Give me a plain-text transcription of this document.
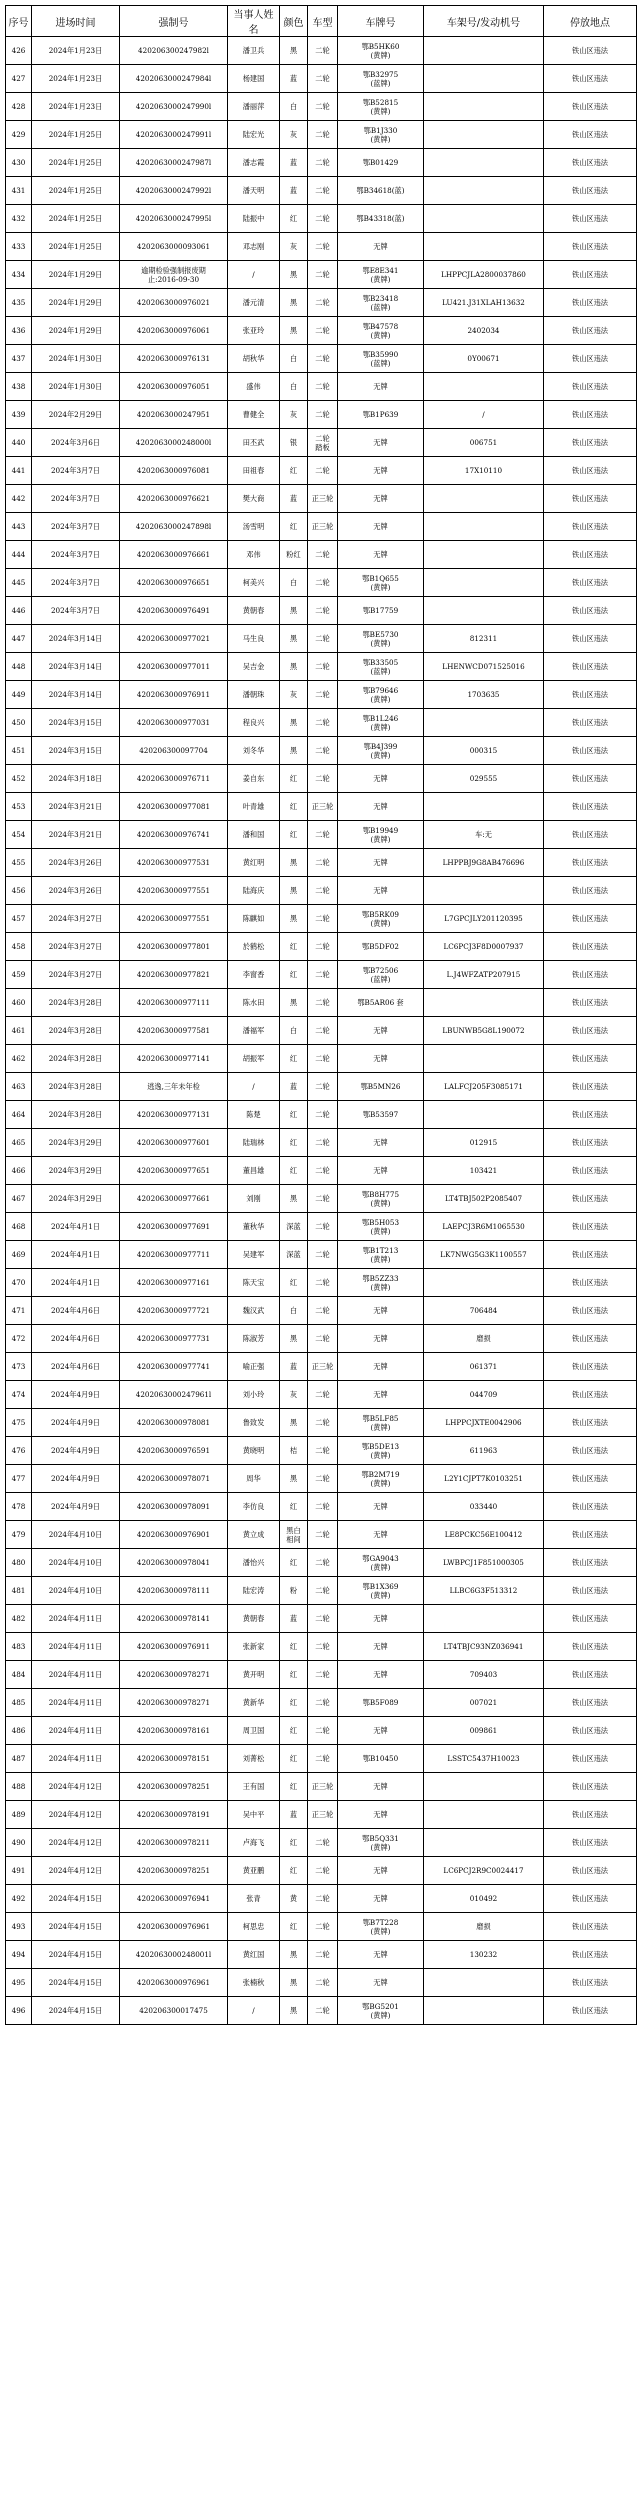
序号	进场时间	强制号	当事人姓名	颜色	车型	车牌号	车架号/发动机号	停放地点
426	2024年1月23日	420206300247982l	潘卫兵	黑	二轮	鄂B5HK60
(黄牌)		铁山区违法
427	2024年1月23日	4202063000247984l	杨建国	蓝	二轮	鄂B32975
(蓝牌)		铁山区违法
428	2024年1月23日	4202063000247990l	潘丽萍	白	二轮	鄂B52815
(黄牌)		铁山区违法
429	2024年1月25日	4202063000247991l	陆宏光	灰	二轮	鄂B1J330
(黄牌)		铁山区违法
430	2024年1月25日	4202063000247987l	潘志霞	蓝	二轮	鄂B01429		铁山区违法
431	2024年1月25日	4202063000247992l	潘天明	蓝	二轮	鄂B34618(蓝)		铁山区违法
432	2024年1月25日	4202063000247995l	陆振中	红	二轮	鄂B43318(蓝)		铁山区违法
433	2024年1月25日	4202063000093061	邓志刚	灰	二轮	无牌		铁山区违法
434	2024年1月29日	逾期检验强制报废期
止:2016-09-30	/	黑	二轮	鄂E8E341
(黄牌)	LHPPCJLA2800037860	铁山区违法
435	2024年1月29日	4202063000976021	潘元清	黑	二轮	鄂B23418
(蓝牌)	LU421.J31XLAH13632	铁山区违法
436	2024年1月29日	4202063000976061	张亚玲	黑	二轮	鄂B47578
(黄牌)	2402034	铁山区违法
437	2024年1月30日	4202063000976131	胡秋华	白	二轮	鄂B35990
(蓝牌)	0Y00671	铁山区违法
438	2024年1月30日	4202063000976051	盛伟	白	二轮	无牌		铁山区违法
439	2024年2月29日	4202063000247951	曹健全	灰	二轮	鄂B1P639	/	铁山区违法
440	2024年3月6日	4202063000248000l	田丕武	银	二轮
踏板	无牌	006751	铁山区违法
441	2024年3月7日	4202063000976081	田祖春	红	二轮	无牌	17X10110	铁山区违法
442	2024年3月7日	4202063000976621	樊大商	蓝	正三轮	无牌		铁山区违法
443	2024年3月7日	4202063000247898l	汤雪明	红	正三轮	无牌		铁山区违法
444	2024年3月7日	4202063000976661	邓伟	粉红	二轮	无牌		铁山区违法
445	2024年3月7日	4202063000976651	柯美兴	白	二轮	鄂B1Q655
(黄牌)		铁山区违法
446	2024年3月7日	4202063000976491	黄朝春	黑	二轮	鄂B17759		铁山区违法
447	2024年3月14日	4202063000977021	马生良	黑	二轮	鄂BE5730
(黄牌)	812311	铁山区违法
448	2024年3月14日	4202063000977011	吴吉金	黑	二轮	鄂B33505
(蓝牌)	LHENWCD071525016	铁山区违法
449	2024年3月14日	4202063000976911	潘朝珠	灰	二轮	鄂B79646
(黄牌)	1703635	铁山区违法
450	2024年3月15日	4202063000977031	程良兴	黑	二轮	鄂B1L246
(黄牌)		铁山区违法
451	2024年3月15日	420206300097704	刘冬华	黑	二轮	鄂B4J399
(黄牌)	000315	铁山区违法
452	2024年3月18日	4202063000976711	姜自东	红	二轮	无牌	029555	铁山区违法
453	2024年3月21日	4202063000977081	叶青雄	红	正三轮	无牌		铁山区违法
454	2024年3月21日	4202063000976741	潘和国	红	二轮	鄂B19949
(黄牌)	车:无	铁山区违法
455	2024年3月26日	4202063000977531	黄红明	黑	二轮	无牌	LHPPBJ9G8AB476696	铁山区违法
456	2024年3月26日	4202063000977551	陆海庆	黑	二轮	无牌		铁山区违法
457	2024年3月27日	4202063000977551	陈麒如	黑	二轮	鄂B5RK09
(黄牌)	L7GPCJLY201120395	铁山区违法
458	2024年3月27日	4202063000977801	於鹤松	红	二轮	鄂B5DF02	LC6PCJ3F8D0007937	铁山区违法
459	2024年3月27日	4202063000977821	李窗香	红	二轮	鄂B72506
(蓝牌)	L.J4WFZATP207915	铁山区违法
460	2024年3月28日	4202063000977111	陈水田	黑	二轮	鄂B5AR06 套		铁山区违法
461	2024年3月28日	4202063000977581	潘福军	白	二轮	无牌	LBUNWB5G8L190072	铁山区违法
462	2024年3月28日	4202063000977141	胡振军	红	二轮	无牌		铁山区违法
463	2024年3月28日	逃逸,三年未年检	/	蓝	二轮	鄂B5MN26	LALFCJ205F3085171	铁山区违法
464	2024年3月28日	4202063000977131	陈楚	红	二轮	鄂B53597		铁山区违法
465	2024年3月29日	4202063000977601	陆瑞林	红	二轮	无牌	012915	铁山区违法
466	2024年3月29日	4202063000977651	董昌雄	红	二轮	无牌	103421	铁山区违法
467	2024年3月29日	4202063000977661	刘刚	黑	二轮	鄂B8H775
(黄牌)	LT4TBJ502P2085407	铁山区违法
468	2024年4月1日	4202063000977691	董秋华	深蓝	二轮	鄂B5H053
(黄牌)	LAEPCJ3R6M1065530	铁山区违法
469	2024年4月1日	4202063000977711	吴建军	深蓝	二轮	鄂B1T213
(黄牌)	LK7NWG5G3K1100557	铁山区违法
470	2024年4月1日	4202063000977161	陈天宝	红	二轮	鄂B5ZZ33
(黄牌)		铁山区违法
471	2024年4月6日	4202063000977721	魏汉武	白	二轮	无牌	706484	铁山区违法
472	2024年4月6日	4202063000977731	陈淑芳	黑	二轮	无牌	磨损	铁山区违法
473	2024年4月6日	4202063000977741	喻正强	蓝	正三轮	无牌	061371	铁山区违法
474	2024年4月9日	4202063000247961l	刘小玲	灰	二轮	无牌	044709	铁山区违法
475	2024年4月9日	4202063000978081	鲁致发	黑	二轮	鄂B5LF85
(黄牌)	LHPPCJXTE0042906	铁山区违法
476	2024年4月9日	4202063000976591	黄晓明	桔	二轮	鄂B5DE13
(黄牌)	611963	铁山区违法
477	2024年4月9日	4202063000978071	周华	黑	二轮	鄂B2M719
(黄牌)	L2Y1CJPT7K0103251	铁山区违法
478	2024年4月9日	4202063000978091	李仿良	红	二轮	无牌	033440	铁山区违法
479	2024年4月10日	4202063000976901	黄立成	黑白
相间	二轮	无牌	LE8PCKC56E100412	铁山区违法
480	2024年4月10日	4202063000978041	潘怡兴	红	二轮	鄂GA9043
(黄牌)	LWBPCJ1F851000305	铁山区违法
481	2024年4月10日	4202063000978111	陆宏涛	粉	二轮	鄂B1X369
(黄牌)	LLBC6G3F513312	铁山区违法
482	2024年4月11日	4202063000978141	黄朝春	蓝	二轮	无牌		铁山区违法
483	2024年4月11日	4202063000976911	张新家	红	二轮	无牌	LT4TBJC93NZ036941	铁山区违法
484	2024年4月11日	4202063000978271	黄开明	红	二轮	无牌	709403	铁山区违法
485	2024年4月11日	4202063000978271	黄新华	红	二轮	鄂B5F089	007021	铁山区违法
486	2024年4月11日	4202063000978161	周卫国	红	二轮	无牌	009861	铁山区违法
487	2024年4月11日	4202063000978151	刘菁松	红	二轮	鄂B10450	LSSTC5437H10023	铁山区违法
488	2024年4月12日	4202063000978251	王有国	红	正三轮	无牌		铁山区违法
489	2024年4月12日	4202063000978191	吴中平	蓝	正三轮	无牌		铁山区违法
490	2024年4月12日	4202063000978211	卢海飞	红	二轮	鄂B5Q331
(黄牌)		铁山区违法
491	2024年4月12日	4202063000978251	黄亚鹏	红	二轮	无牌	LC6PCJ2R9C0024417	铁山区违法
492	2024年4月15日	4202063000976941	张青	黄	二轮	无牌	010492	铁山区违法
493	2024年4月15日	4202063000976961	柯思忠	红	二轮	鄂B7T228
(黄牌)	磨损	铁山区违法
494	2024年4月15日	4202063000248001l	黄红国	黑	二轮	无牌	130232	铁山区违法
495	2024年4月15日	4202063000976961	张楠秋	黑	二轮	无牌		铁山区违法
496	2024年4月15日	420206300017475	/	黑	二轮	鄂BG5201
(黄牌)		铁山区违法
